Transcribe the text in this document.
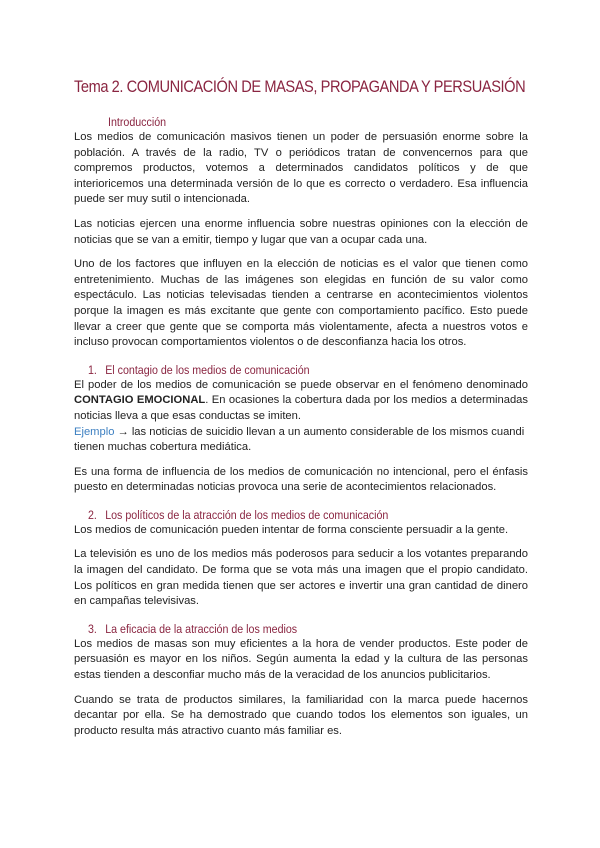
Tema 2. COMUNICACIÓN DE MASAS, PROPAGANDA Y PERSUASIÓN
Introducción

Los medios de comunicación masivos tienen un poder de persuasión enorme sobre la población. A través de la radio, TV o periódicos tratan de convencernos para que compremos productos, votemos a determinados candidatos políticos y de que interioricemos una determinada versión de lo que es correcto o verdadero. Esa influencia puede ser muy sutil o intencionada.

Las noticias ejercen una enorme influencia sobre nuestras opiniones con la elección de noticias que se van a emitir, tiempo y lugar que van a ocupar cada una.

Uno de los factores que influyen en la elección de noticias es el valor que tienen como entretenimiento. Muchas de las imágenes son elegidas en función de su valor como espectáculo. Las noticias televisadas tienden a centrarse en acontecimientos violentos porque la imagen es más excitante que gente con comportamiento pacífico. Esto puede llevar a creer que gente que se comporta más violentamente, afecta a nuestros votos e incluso provocan comportamientos violentos o de desconfianza hacia los otros.

1. El contagio de los medios de comunicación

El poder de los medios de comunicación se puede observar en el fenómeno denominado CONTAGIO EMOCIONAL. En ocasiones la cobertura dada por los medios a determinadas noticias lleva a que esas conductas se imiten.

Ejemplo → las noticias de suicidio llevan a un aumento considerable de los mismos cuandi tienen muchas cobertura mediática.

Es una forma de influencia de los medios de comunicación no intencional, pero el énfasis puesto en determinadas noticias provoca una serie de acontecimientos relacionados.

2. Los políticos de la atracción de los medios de comunicación

Los medios de comunicación pueden intentar de forma consciente persuadir a la gente.

La televisión es uno de los medios más poderosos para seducir a los votantes preparando la imagen del candidato. De forma que se vota más una imagen que el propio candidato. Los políticos en gran medida tienen que ser actores e invertir una gran cantidad de dinero en campañas televisivas.

3. La eficacia de la atracción de los medios

Los medios de masas son muy eficientes a la hora de vender productos. Este poder de persuasión es mayor en los niños. Según aumenta la edad y la cultura de las personas estas tienden a desconfiar mucho más de la veracidad de los anuncios publicitarios.

Cuando se trata de productos similares, la familiaridad con la marca puede hacernos decantar por ella. Se ha demostrado que cuando todos los elementos son iguales, un producto resulta más atractivo cuanto más familiar es.
